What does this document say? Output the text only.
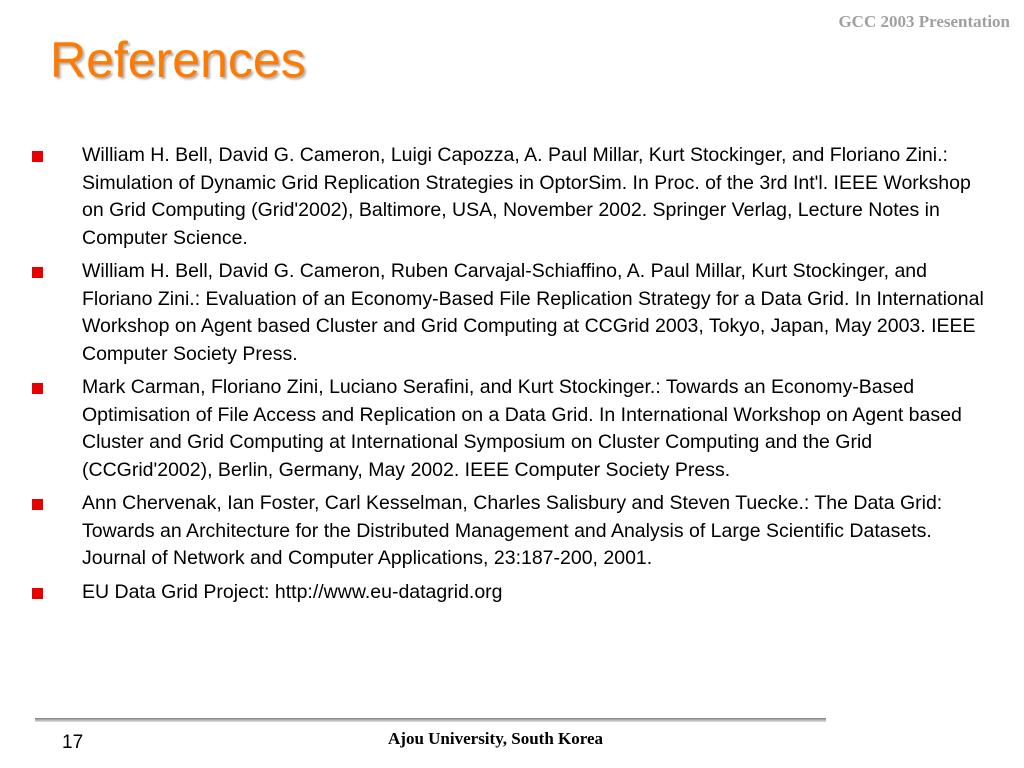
GCC 2003 Presentation
References
William H. Bell, David G. Cameron, Luigi Capozza, A. Paul Millar, Kurt Stockinger, and Floriano Zini.: Simulation of Dynamic Grid Replication Strategies in OptorSim. In Proc. of the 3rd Int'l. IEEE Workshop on Grid Computing (Grid'2002), Baltimore, USA, November 2002. Springer Verlag, Lecture Notes in Computer Science.
William H. Bell, David G. Cameron, Ruben Carvajal-Schiaffino, A. Paul Millar, Kurt Stockinger, and Floriano Zini.: Evaluation of an Economy-Based File Replication Strategy for a Data Grid. In International Workshop on Agent based Cluster and Grid Computing at CCGrid 2003, Tokyo, Japan, May 2003. IEEE Computer Society Press.
Mark Carman, Floriano Zini, Luciano Serafini, and Kurt Stockinger.: Towards an Economy-Based Optimisation of File Access and Replication on a Data Grid. In International Workshop on Agent based Cluster and Grid Computing at International Symposium on Cluster Computing and the Grid (CCGrid'2002), Berlin, Germany, May 2002. IEEE Computer Society Press.
Ann Chervenak, Ian Foster, Carl Kesselman, Charles Salisbury and Steven Tuecke.: The Data Grid: Towards an Architecture for the Distributed Management and Analysis of Large Scientific Datasets. Journal of Network and Computer Applications, 23:187-200, 2001.
EU Data Grid Project: http://www.eu-datagrid.org
17	Ajou University, South Korea
